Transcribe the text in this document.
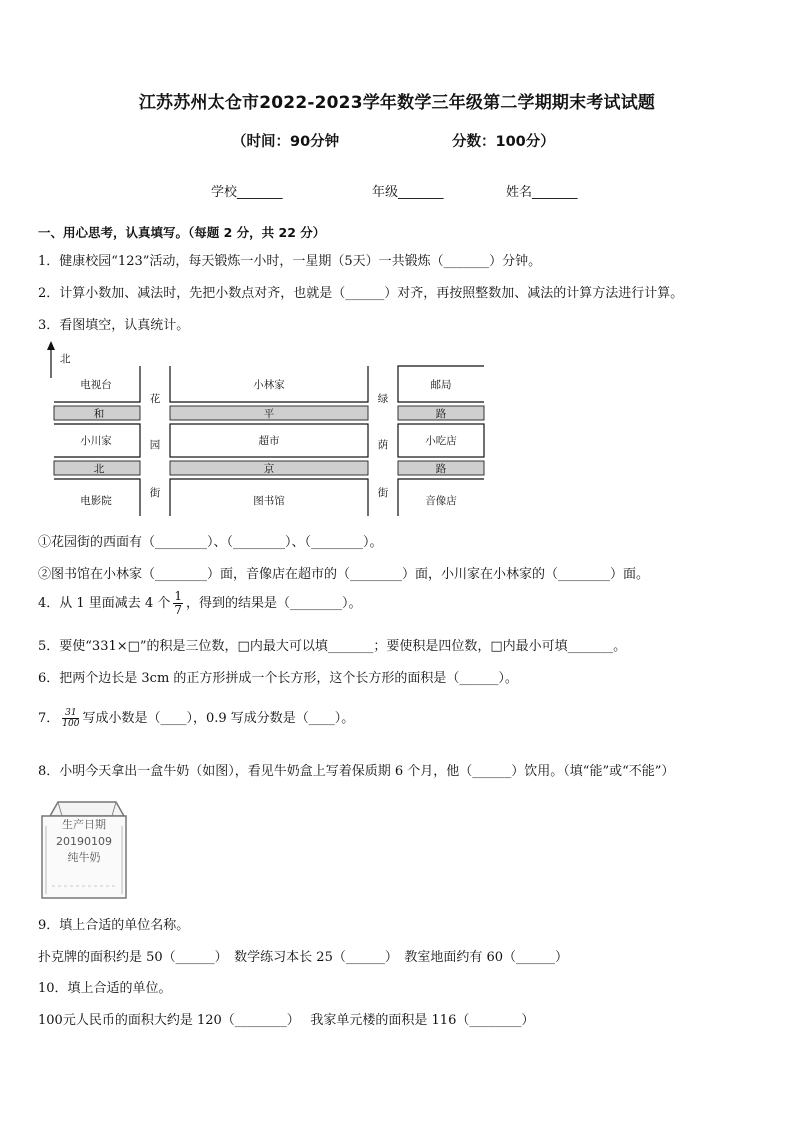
江苏苏州太仓市2022-2023学年数学三年级第二学期期末考试试题
（时间：90分钟	分数：100分）
学校_______	年级_______	姓名_______
一、用心思考，认真填写。（每题 2 分，共 22 分）
1．健康校园“123”活动，每天锻炼一小时，一星期（5天）一共锻炼（_______）分钟。
2．计算小数加、减法时，先把小数点对齐，也就是（______）对齐，再按照整数加、减法的计算方法进行计算。
3．看图填空，认真统计。
北
电视台	小林家	邮局
小川家	超市	小吃店
电影院	图书馆	音像店
和	平	路
北	京	路
花
园
街
绿
荫
街
①花园街的西面有（________）、（________）、（________）。
②图书馆在小林家（________）面，音像店在超市的（________）面，小川家在小林家的（________）面。
4．从 1 里面减去 4 个 $\frac{1}{7}$ ，得到的结果是（________）。
5．要使“331×□”的积是三位数，□内最大可以填_______；要使积是四位数，□内最小可填_______。
6．把两个边长是 3cm 的正方形拼成一个长方形，这个长方形的面积是（______）。
7． $\frac{31}{100}$ 写成小数是（____），0.9 写成分数是（____）。
8．小明今天拿出一盒牛奶（如图），看见牛奶盒上写着保质期 6 个月，他（______）饮用。（填“能”或“不能”）
生产日期
20190109
纯牛奶
9．填上合适的单位名称。
扑克牌的面积约是 50（______）　数学练习本长 25（______）　教室地面约有 60（______）
10．填上合适的单位。
100元人民币的面积大约是 120（________）　 我家单元楼的面积是 116（________）
